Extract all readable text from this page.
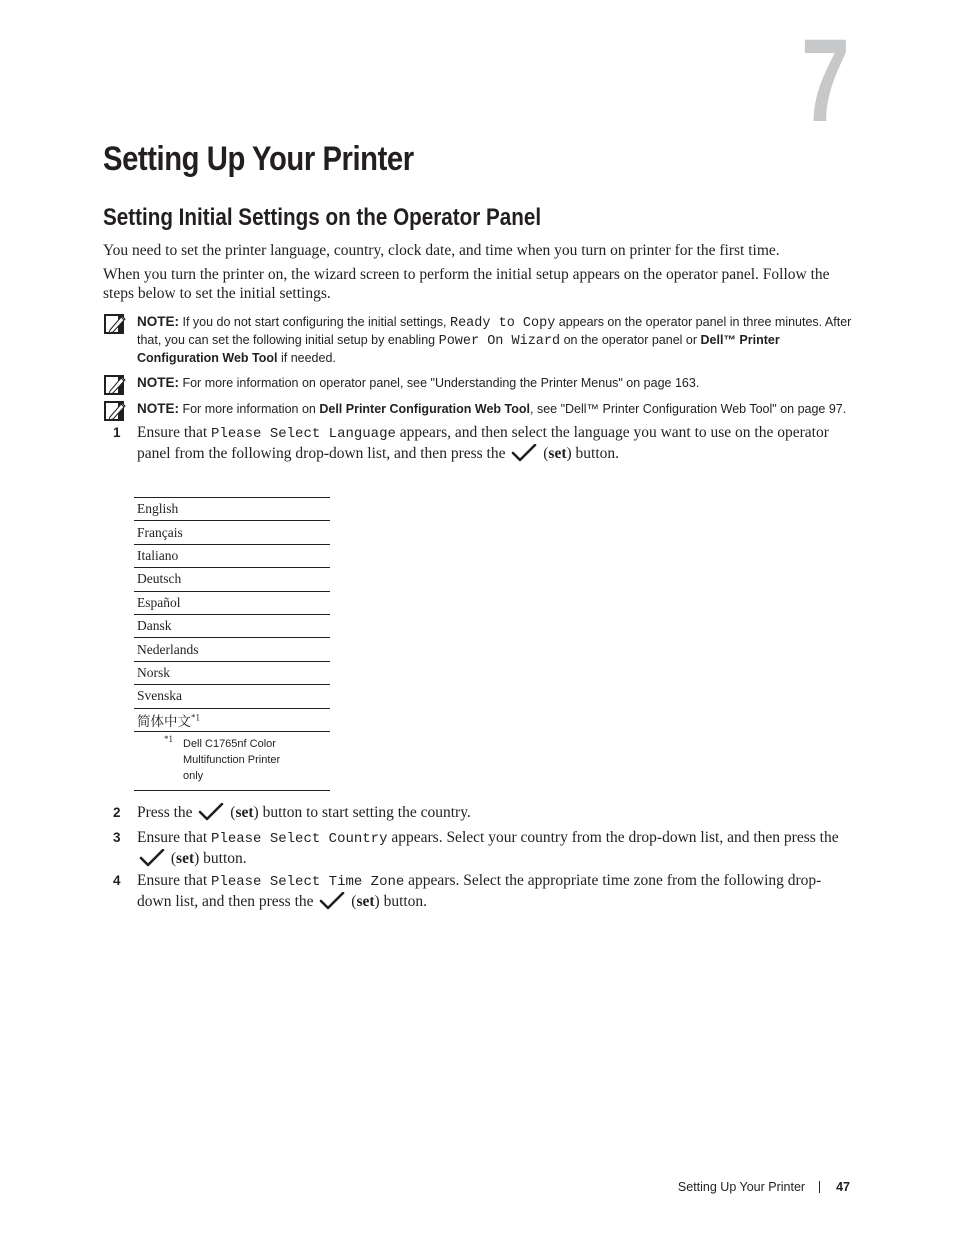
7
Setting Up Your Printer
Setting Initial Settings on the Operator Panel

You need to set the printer language, country, clock date, and time when you turn on printer for the first time.

When you turn the printer on, the wizard screen to perform the initial setup appears on the operator panel. Follow the steps below to set the initial settings.

NOTE: If you do not start configuring the initial settings, Ready to Copy appears on the operator panel in three minutes. After that, you can set the following initial setup by enabling Power On Wizard on the operator panel or Dell™ Printer Configuration Web Tool if needed.
NOTE: For more information on operator panel, see "Understanding the Printer Menus" on page 163.
NOTE: For more information on Dell Printer Configuration Web Tool, see "Dell™ Printer Configuration Web Tool" on page 97.
1 Ensure that Please Select Language appears, and then select the language you want to use on the operator panel from the following drop-down list, and then press the  (set) button.
English
Français
Italiano
Deutsch
Español
Dansk
Nederlands
Norsk
Svenska
简体中文$^{*1}$

*1 Dell C1765nf Color Multifunction Printer only
2 Press the  (set) button to start setting the country.
3 Ensure that Please Select Country appears. Select your country from the drop-down list, and then press the  (set) button.
4 Ensure that Please Select Time Zone appears. Select the appropriate time zone from the following drop-down list, and then press the  (set) button.
Setting Up Your Printer 47
